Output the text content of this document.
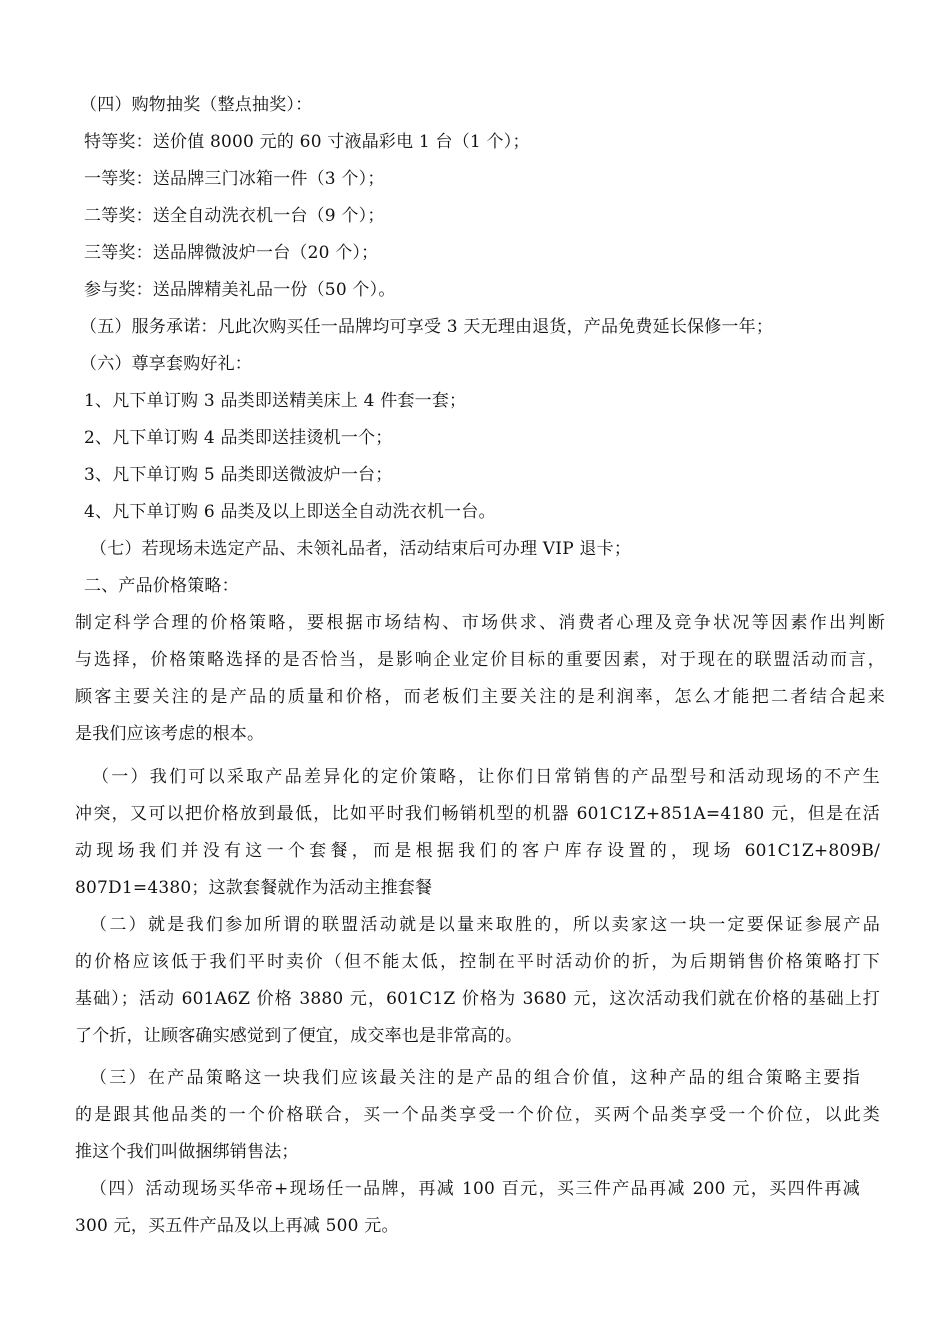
（四）购物抽奖（整点抽奖）：
特等奖：送价值 8000 元的 60 寸液晶彩电 1 台（1 个）；
一等奖：送品牌三门冰箱一件（3 个）；
二等奖：送全自动洗衣机一台（9 个）；
三等奖：送品牌微波炉一台（20 个）；
参与奖：送品牌精美礼品一份（50 个）。
（五）服务承诺：凡此次购买任一品牌均可享受 3 天无理由退货，产品免费延长保修一年；
（六）尊享套购好礼：
1、凡下单订购 3 品类即送精美床上 4 件套一套；
2、凡下单订购 4 品类即送挂烫机一个；
3、凡下单订购 5 品类即送微波炉一台；
4、凡下单订购 6 品类及以上即送全自动洗衣机一台。
（七）若现场未选定产品、未领礼品者，活动结束后可办理 VIP 退卡；
二、产品价格策略：
制定科学合理的价格策略，要根据市场结构、市场供求、消费者心理及竞争状况等因素作出判断
与选择，价格策略选择的是否恰当，是影响企业定价目标的重要因素，对于现在的联盟活动而言，
顾客主要关注的是产品的质量和价格，而老板们主要关注的是利润率，怎么才能把二者结合起来
是我们应该考虑的根本。
（一）我们可以采取产品差异化的定价策略，让你们日常销售的产品型号和活动现场的不产生
冲突，又可以把价格放到最低，比如平时我们畅销机型的机器 601C1Z+851A=4180 元，但是在活
动现场我们并没有这一个套餐，而是根据我们的客户库存设置的，现场 601C1Z+809B/
807D1=4380；这款套餐就作为活动主推套餐
（二）就是我们参加所谓的联盟活动就是以量来取胜的，所以卖家这一块一定要保证参展产品
的价格应该低于我们平时卖价（但不能太低，控制在平时活动价的折，为后期销售价格策略打下
基础）；活动 601A6Z 价格 3880 元，601C1Z 价格为 3680 元，这次活动我们就在价格的基础上打
了个折，让顾客确实感觉到了便宜，成交率也是非常高的。
（三）在产品策略这一块我们应该最关注的是产品的组合价值，这种产品的组合策略主要指
的是跟其他品类的一个价格联合，买一个品类享受一个价位，买两个品类享受一个价位，以此类
推这个我们叫做捆绑销售法；
（四）活动现场买华帝+现场任一品牌，再减 100 百元，买三件产品再减 200 元，买四件再减
300 元，买五件产品及以上再减 500 元。
